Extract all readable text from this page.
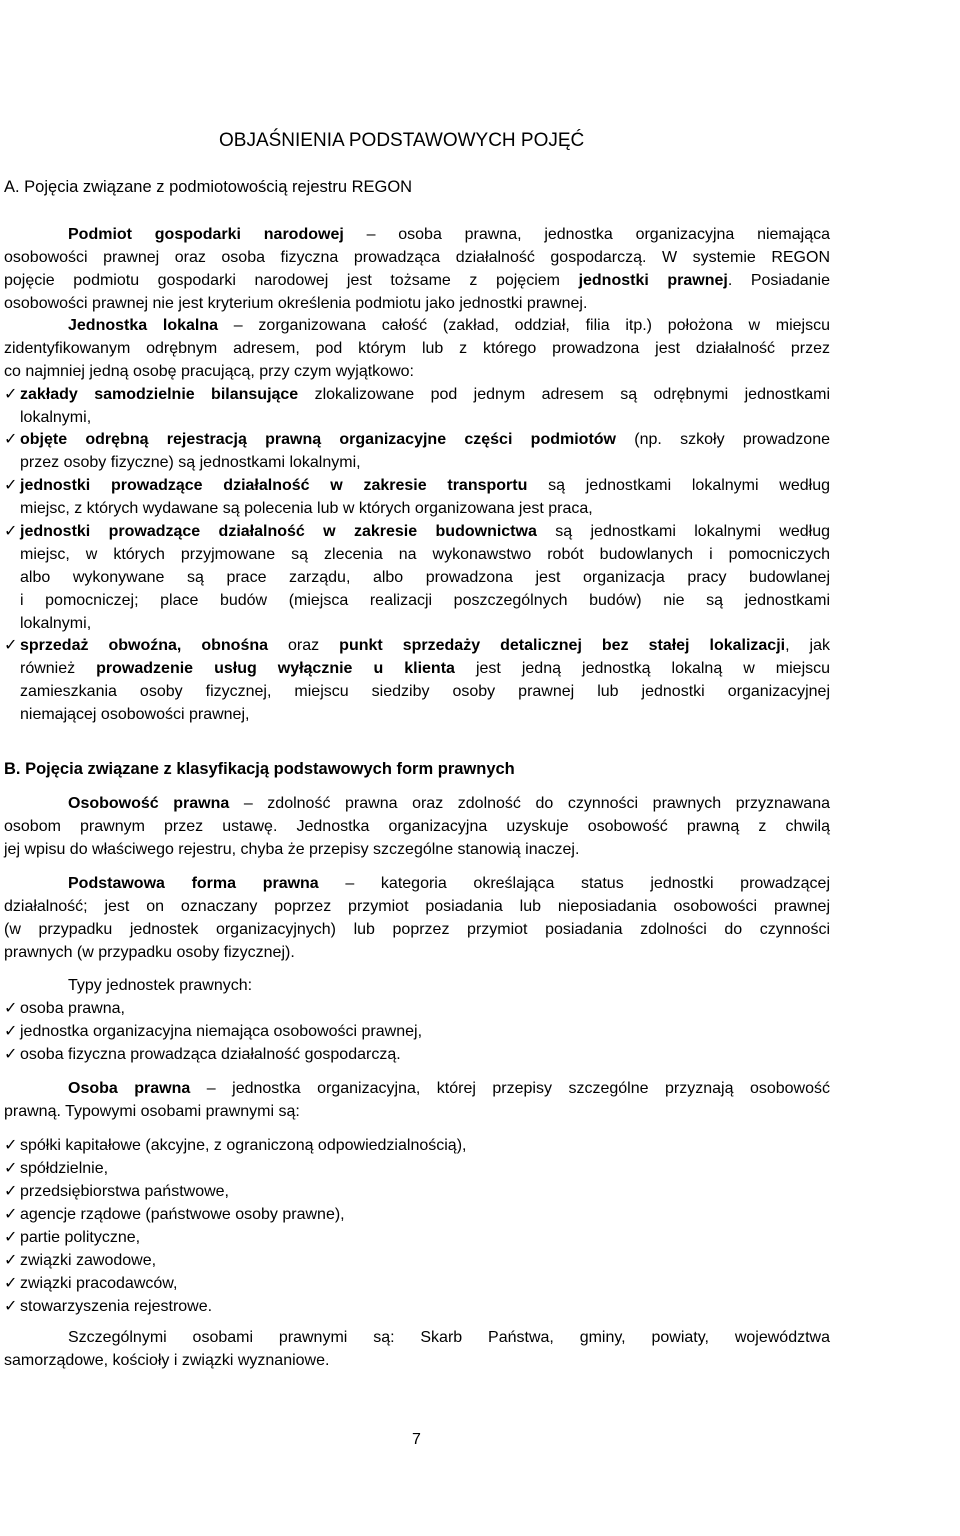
OBJAŚNIENIA PODSTAWOWYCH POJĘĆ
A. Pojęcia związane z podmiotowością rejestru REGON
Podmiot gospodarki narodowej – osoba prawna, jednostka organizacyjna niemająca
osobowości prawnej oraz osoba fizyczna prowadząca działalność gospodarczą. W systemie REGON
pojęcie podmiotu gospodarki narodowej jest tożsame z pojęciem jednostki prawnej. Posiadanie
osobowości prawnej nie jest kryterium określenia podmiotu jako jednostki prawnej.
Jednostka lokalna – zorganizowana całość (zakład, oddział, filia itp.) położona w miejscu
zidentyfikowanym odrębnym adresem, pod którym lub z którego prowadzona jest działalność przez
co najmniej jedną osobę pracującą, przy czym wyjątkowo:
✓ zakłady samodzielnie bilansujące zlokalizowane pod jednym adresem są odrębnymi jednostkami
lokalnymi,
✓ objęte odrębną rejestracją prawną organizacyjne części podmiotów (np. szkoły prowadzone
przez osoby fizyczne) są jednostkami lokalnymi,
✓ jednostki prowadzące działalność w zakresie transportu są jednostkami lokalnymi według
miejsc, z których wydawane są polecenia lub w których organizowana jest praca,
✓ jednostki prowadzące działalność w zakresie budownictwa są jednostkami lokalnymi według
miejsc, w których przyjmowane są zlecenia na wykonawstwo robót budowlanych i pomocniczych
albo wykonywane są prace zarządu, albo prowadzona jest organizacja pracy budowlanej
i pomocniczej; place budów (miejsca realizacji poszczególnych budów) nie są jednostkami
lokalnymi,
✓ sprzedaż obwoźna, obnośna oraz punkt sprzedaży detalicznej bez stałej lokalizacji, jak
również prowadzenie usług wyłącznie u klienta jest jedną jednostką lokalną w miejscu
zamieszkania osoby fizycznej, miejscu siedziby osoby prawnej lub jednostki organizacyjnej
niemającej osobowości prawnej,
B. Pojęcia związane z klasyfikacją podstawowych form prawnych
Osobowość prawna – zdolność prawna oraz zdolność do czynności prawnych przyznawana
osobom prawnym przez ustawę. Jednostka organizacyjna uzyskuje osobowość prawną z chwilą
jej wpisu do właściwego rejestru, chyba że przepisy szczególne stanowią inaczej.
Podstawowa forma prawna – kategoria określająca status jednostki prowadzącej
działalność; jest on oznaczany poprzez przymiot posiadania lub nieposiadania osobowości prawnej
(w przypadku jednostek organizacyjnych) lub poprzez przymiot posiadania zdolności do czynności
prawnych (w przypadku osoby fizycznej).
Typy jednostek prawnych:
✓ osoba prawna,
✓ jednostka organizacyjna niemająca osobowości prawnej,
✓ osoba fizyczna prowadząca działalność gospodarczą.
Osoba prawna – jednostka organizacyjna, której przepisy szczególne przyznają osobowość
prawną. Typowymi osobami prawnymi są:
✓ spółki kapitałowe (akcyjne, z ograniczoną odpowiedzialnością),
✓ spółdzielnie,
✓ przedsiębiorstwa państwowe,
✓ agencje rządowe (państwowe osoby prawne),
✓ partie polityczne,
✓ związki zawodowe,
✓ związki pracodawców,
✓ stowarzyszenia rejestrowe.
Szczególnymi osobami prawnymi są: Skarb Państwa, gminy, powiaty, województwa
samorządowe, kościoły i związki wyznaniowe.
7
